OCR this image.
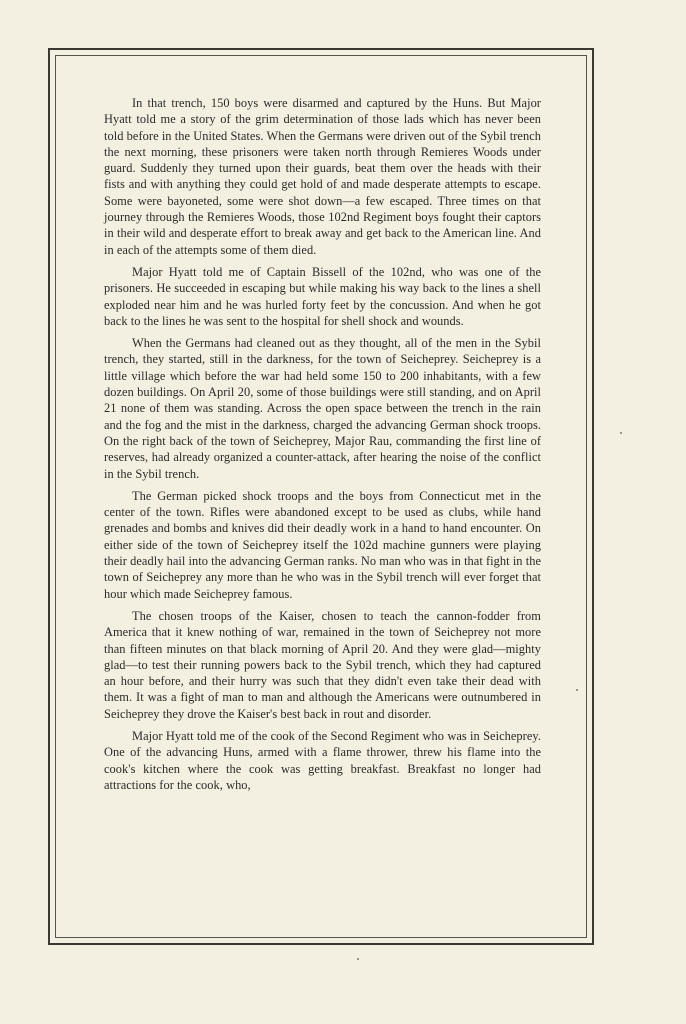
In that trench, 150 boys were disarmed and captured by the Huns. But Major Hyatt told me a story of the grim determination of those lads which has never been told before in the United States. When the Germans were driven out of the Sybil trench the next morning, these prisoners were taken north through Remieres Woods under guard. Suddenly they turned upon their guards, beat them over the heads with their fists and with anything they could get hold of and made desperate attempts to escape. Some were bayoneted, some were shot down—a few escaped. Three times on that journey through the Remieres Woods, those 102nd Regiment boys fought their captors in their wild and desperate effort to break away and get back to the American line. And in each of the attempts some of them died.

Major Hyatt told me of Captain Bissell of the 102nd, who was one of the prisoners. He succeeded in escaping but while making his way back to the lines a shell exploded near him and he was hurled forty feet by the concussion. And when he got back to the lines he was sent to the hospital for shell shock and wounds.

When the Germans had cleaned out as they thought, all of the men in the Sybil trench, they started, still in the darkness, for the town of Seicheprey. Seicheprey is a little village which before the war had held some 150 to 200 inhabitants, with a few dozen buildings. On April 20, some of those buildings were still standing, and on April 21 none of them was standing. Across the open space between the trench in the rain and the fog and the mist in the darkness, charged the advancing German shock troops. On the right back of the town of Seicheprey, Major Rau, commanding the first line of reserves, had already organized a counter-attack, after hearing the noise of the conflict in the Sybil trench.

The German picked shock troops and the boys from Connecticut met in the center of the town. Rifles were abandoned except to be used as clubs, while hand grenades and bombs and knives did their deadly work in a hand to hand encounter. On either side of the town of Seicheprey itself the 102d machine gunners were playing their deadly hail into the advancing German ranks. No man who was in that fight in the town of Seicheprey any more than he who was in the Sybil trench will ever forget that hour which made Seicheprey famous.

The chosen troops of the Kaiser, chosen to teach the cannon-fodder from America that it knew nothing of war, remained in the town of Seicheprey not more than fifteen minutes on that black morning of April 20. And they were glad—mighty glad—to test their running powers back to the Sybil trench, which they had captured an hour before, and their hurry was such that they didn't even take their dead with them. It was a fight of man to man and although the Americans were outnumbered in Seicheprey they drove the Kaiser's best back in rout and disorder.

Major Hyatt told me of the cook of the Second Regiment who was in Seicheprey. One of the advancing Huns, armed with a flame thrower, threw his flame into the cook's kitchen where the cook was getting breakfast. Breakfast no longer had attractions for the cook, who,
